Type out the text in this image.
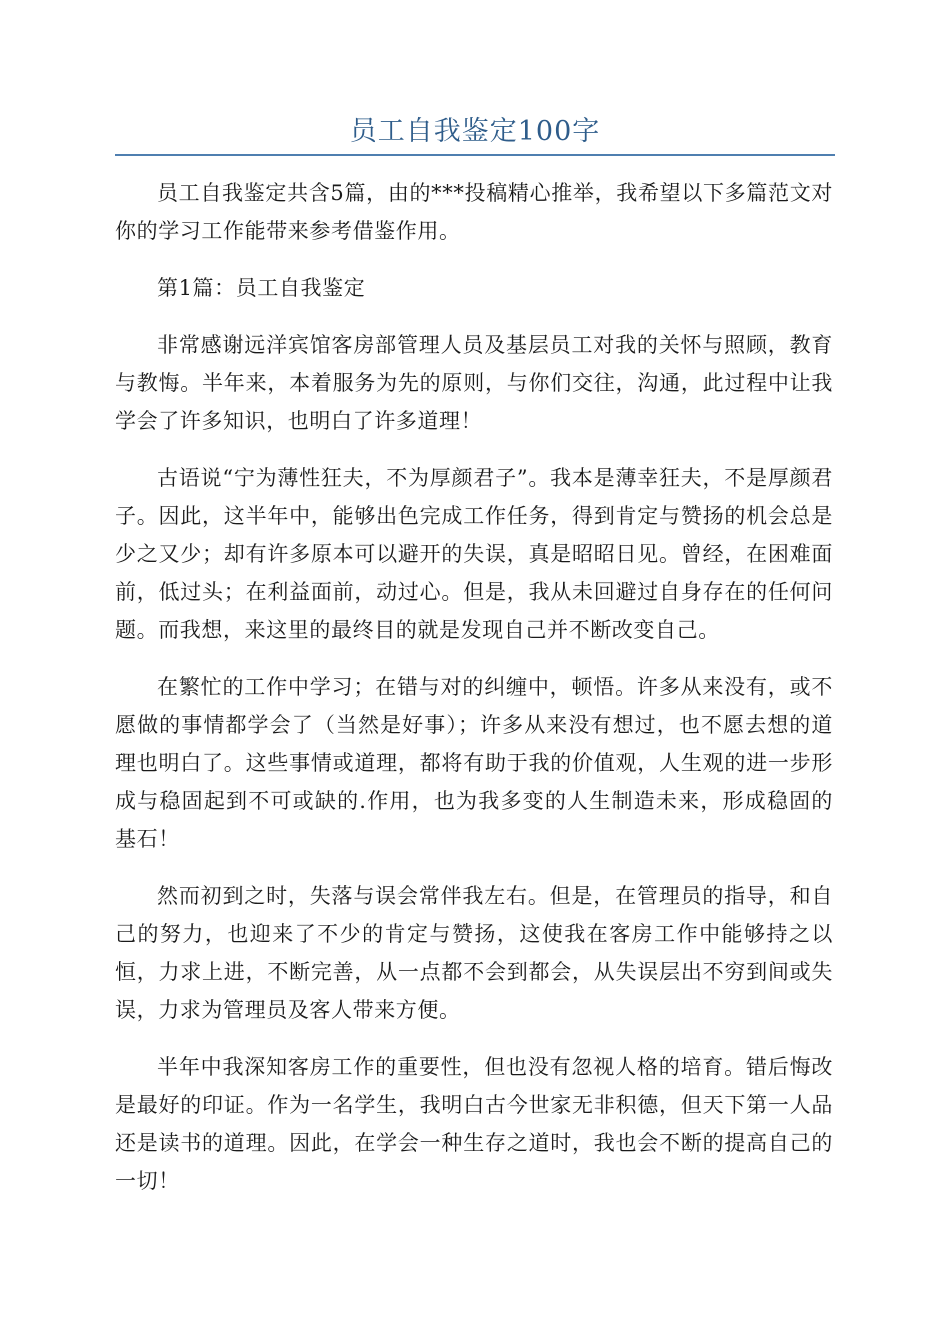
员工自我鉴定100字

员工自我鉴定共含5篇，由的***投稿精心推举，我希望以下多篇范文对你的学习工作能带来参考借鉴作用。

第1篇：员工自我鉴定

非常感谢远洋宾馆客房部管理人员及基层员工对我的关怀与照顾，教育与教悔。半年来，本着服务为先的原则，与你们交往，沟通，此过程中让我学会了许多知识，也明白了许多道理！

古语说“宁为薄性狂夫，不为厚颜君子”。我本是薄幸狂夫，不是厚颜君子。因此，这半年中，能够出色完成工作任务，得到肯定与赞扬的机会总是少之又少；却有许多原本可以避开的失误，真是昭昭日见。曾经，在困难面前，低过头；在利益面前，动过心。但是，我从未回避过自身存在的任何问题。而我想，来这里的最终目的就是发现自己并不断改变自己。

在繁忙的工作中学习；在错与对的纠缠中，顿悟。许多从来没有，或不愿做的事情都学会了（当然是好事）；许多从来没有想过，也不愿去想的道理也明白了。这些事情或道理，都将有助于我的价值观，人生观的进一步形成与稳固起到不可或缺的.作用，也为我多变的人生制造未来，形成稳固的基石！

然而初到之时，失落与误会常伴我左右。但是，在管理员的指导，和自己的努力，也迎来了不少的肯定与赞扬，这使我在客房工作中能够持之以恒，力求上进，不断完善，从一点都不会到都会，从失误层出不穷到间或失误，力求为管理员及客人带来方便。

半年中我深知客房工作的重要性，但也没有忽视人格的培育。错后悔改是最好的印证。作为一名学生，我明白古今世家无非积德，但天下第一人品还是读书的道理。因此，在学会一种生存之道时，我也会不断的提高自己的一切！
